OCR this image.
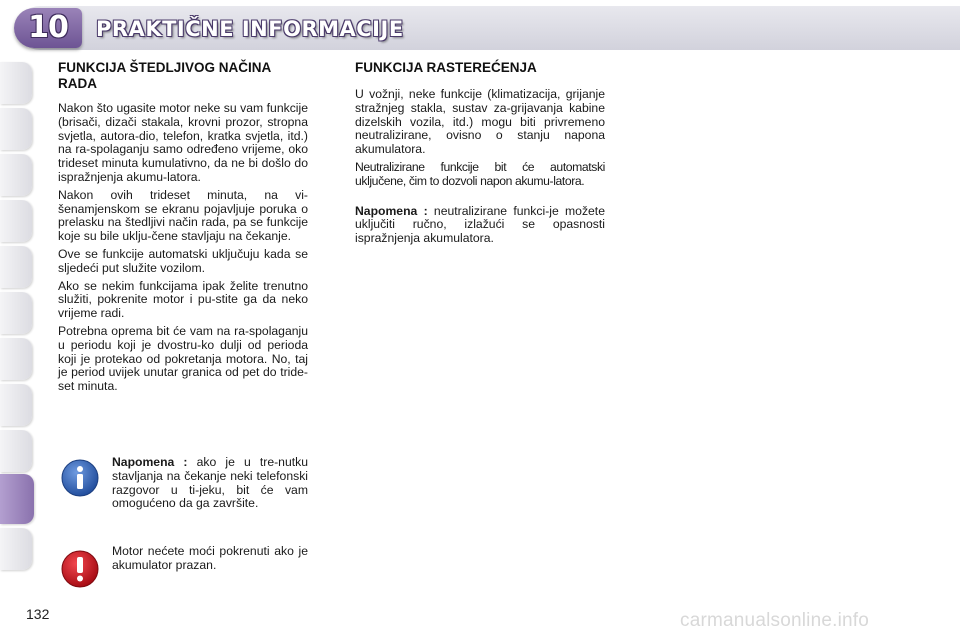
10 PRAKTIČNE INFORMACIJE
FUNKCIJA ŠTEDLJIVOG NAČINA RADA

Nakon što ugasite motor neke su vam funkcije (brisači, dizači stakala, krovni prozor, stropna svjetla, autora-dio, telefon, kratka svjetla, itd.) na ra-spolaganju samo određeno vrijeme, oko trideset minuta kumulativno, da ne bi došlo do ispražnjenja akumu-latora.

Nakon ovih trideset minuta, na vi-šenamjenskom se ekranu pojavljuje poruka o prelasku na štedljivi način rada, pa se funkcije koje su bile uklju-čene stavljaju na čekanje.

Ove se funkcije automatski uključuju kada se sljedeći put služite vozilom.

Ako se nekim funkcijama ipak želite trenutno služiti, pokrenite motor i pu-stite ga da neko vrijeme radi.

Potrebna oprema bit će vam na ra-spolaganju u periodu koji je dvostru-ko dulji od perioda koji je protekao od pokretanja motora. No, taj je period uvijek unutar granica od pet do tride-set minuta.

Napomena : ako je u tre-nutku stavljanja na čekanje neki telefonski razgovor u ti-jeku, bit će vam omogućeno da ga završite.

Motor nećete moći pokrenuti ako je akumulator prazan.

FUNKCIJA RASTEREĆENJA

U vožnji, neke funkcije (klimatizacija, grijanje stražnjeg stakla, sustav za-grijavanja kabine dizelskih vozila, itd.) mogu biti privremeno neutralizirane, ovisno o stanju napona akumulatora.

Neutralizirane funkcije bit će automatski uključene, čim to dozvoli napon akumu-latora.

Napomena : neutralizirane funkci-je možete uključiti ručno, izlažući se opasnosti ispražnjenja akumulatora.

132	carmanualsonline.info
